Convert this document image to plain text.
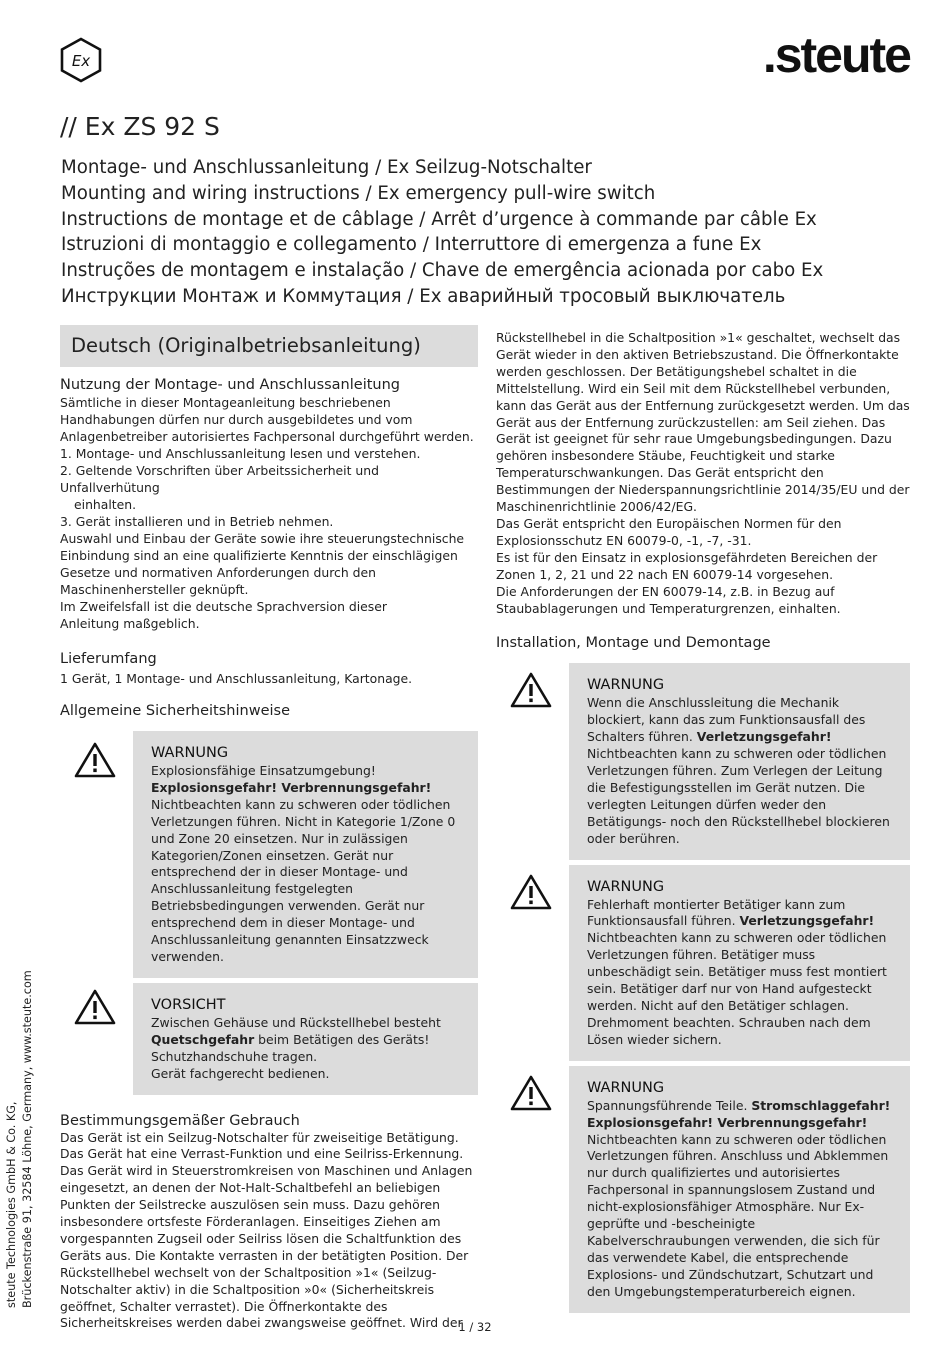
Ex	.steute
// Ex ZS 92 S
Montage- und Anschlussanleitung / Ex Seilzug-Notschalter
Mounting and wiring instructions / Ex emergency pull-wire switch
Instructions de montage et de câblage / Arrêt d’urgence à commande par câble Ex
Istruzioni di montaggio e collegamento / Interruttore di emergenza a fune Ex
Instruções de montagem e instalação / Chave de emergência acionada por cabo Ex
Инструкции Монтаж и Коммутация / Ex аварийный тросовый выключатель
Deutsch (Originalbetriebsanleitung)
Nutzung der Montage- und Anschlussanleitung

Sämtliche in dieser Montageanleitung beschriebenen Handhabungen dürfen nur durch ausgebildetes und vom Anlagenbetreiber autorisiertes Fachpersonal durchgeführt werden.

1. Montage- und Anschlussanleitung lesen und verstehen.

2. Geltende Vorschriften über Arbeitssicherheit und Unfallverhütung

einhalten.

3. Gerät installieren und in Betrieb nehmen.

Auswahl und Einbau der Geräte sowie ihre steuerungstechnische Einbindung sind an eine qualifizierte Kenntnis der einschlägigen Gesetze und normativen Anforderungen durch den

Maschinenhersteller geknüpft.

Im Zweifelsfall ist die deutsche Sprachversion dieser

Anleitung maßgeblich.

Lieferumfang

1 Gerät, 1 Montage- und Anschlussanleitung, Kartonage.

Allgemeine Sicherheitshinweise
WARNUNG
Explosionsfähige Einsatzumgebung! Explosionsgefahr! Verbrennungsgefahr! Nichtbeachten kann zu schweren oder tödlichen Verletzungen führen. Nicht in Kategorie 1/Zone 0 und Zone 20 einsetzen. Nur in zulässigen Kategorien/Zonen einsetzen. Gerät nur entsprechend der in dieser Montage- und Anschlussanleitung festgelegten Betriebsbedingungen verwenden. Gerät nur entsprechend dem in dieser Montage- und Anschlussanleitung genannten Einsatzzweck verwenden.
VORSICHT
Zwischen Gehäuse und Rückstellhebel besteht Quetschgefahr beim Betätigen des Geräts!
Schutzhandschuhe tragen.
Gerät fachgerecht bedienen.
Bestimmungsgemäßer Gebrauch

Das Gerät ist ein Seilzug-Notschalter für zweiseitige Betätigung. Das Gerät hat eine Verrast-Funktion und eine Seilriss-Erkennung. Das Gerät wird in Steuerstromkreisen von Maschinen und Anlagen eingesetzt, an denen der Not-Halt-Schaltbefehl an beliebigen Punkten der Seilstrecke auszulösen sein muss. Dazu gehören insbesondere ortsfeste Förderanlagen. Einseitiges Ziehen am vorgespannten Zugseil oder Seilriss lösen die Schaltfunktion des Geräts aus. Die Kontakte verrasten in der betätigten Position. Der Rückstellhebel wechselt von der Schaltposition »1« (Seilzug-Notschalter aktiv) in die Schaltposition »0« (Sicherheitskreis geöffnet, Schalter verrastet). Die Öffnerkontakte des Sicherheitskreises werden dabei zwangsweise geöffnet. Wird der

Rückstellhebel in die Schaltposition »1« geschaltet, wechselt das Gerät wieder in den aktiven Betriebszustand. Die Öffnerkontakte werden geschlossen. Der Betätigungshebel schaltet in die Mittelstellung. Wird ein Seil mit dem Rückstellhebel verbunden, kann das Gerät aus der Entfernung zurückgesetzt werden. Um das Gerät aus der Entfernung zurückzustellen: am Seil ziehen. Das Gerät ist geeignet für sehr raue Umgebungsbedingungen. Dazu gehören insbesondere Stäube, Feuchtigkeit und starke Temperaturschwankungen. Das Gerät entspricht den Bestimmungen der Niederspannungsrichtlinie 2014/35/EU und der Maschinenrichtlinie 2006/42/EG.

Das Gerät entspricht den Europäischen Normen für den Explosionsschutz EN 60079-0, -1, -7, -31.

Es ist für den Einsatz in explosionsgefährdeten Bereichen der Zonen 1, 2, 21 und 22 nach EN 60079-14 vorgesehen.

Die Anforderungen der EN 60079-14, z.B. in Bezug auf Staubablagerungen und Temperaturgrenzen, einhalten.

Installation, Montage und Demontage
WARNUNG
Wenn die Anschlussleitung die Mechanik blockiert, kann das zum Funktionsausfall des Schalters führen. Verletzungsgefahr! Nichtbeachten kann zu schweren oder tödlichen Verletzungen führen. Zum Verlegen der Leitung die Befestigungsstellen im Gerät nutzen. Die verlegten Leitungen dürfen weder den Betätigungs- noch den Rückstellhebel blockieren oder berühren.
WARNUNG
Fehlerhaft montierter Betätiger kann zum Funktionsausfall führen. Verletzungsgefahr! Nichtbeachten kann zu schweren oder tödlichen Verletzungen führen. Betätiger muss unbeschädigt sein. Betätiger muss fest montiert sein. Betätiger darf nur von Hand aufgesteckt werden. Nicht auf den Betätiger schlagen. Drehmoment beachten. Schrauben nach dem Lösen wieder sichern.
WARNUNG
Spannungsführende Teile. Stromschlaggefahr! Explosionsgefahr! Verbrennungsgefahr! Nichtbeachten kann zu schweren oder tödlichen Verletzungen führen. Anschluss und Abklemmen nur durch qualifiziertes und autorisiertes Fachpersonal in spannungslosem Zustand und nicht-explosionsfähiger Atmosphäre. Nur Ex-geprüfte und -bescheinigte Kabelverschraubungen verwenden, die sich für das verwendete Kabel, die entsprechende Explosions- und Zündschutzart, Schutzart und den Umgebungstemperaturbereich eignen.
steute Technologies GmbH & Co. KG, Brückenstraße 91, 32584 Löhne, Germany, www.steute.com
1 / 32
